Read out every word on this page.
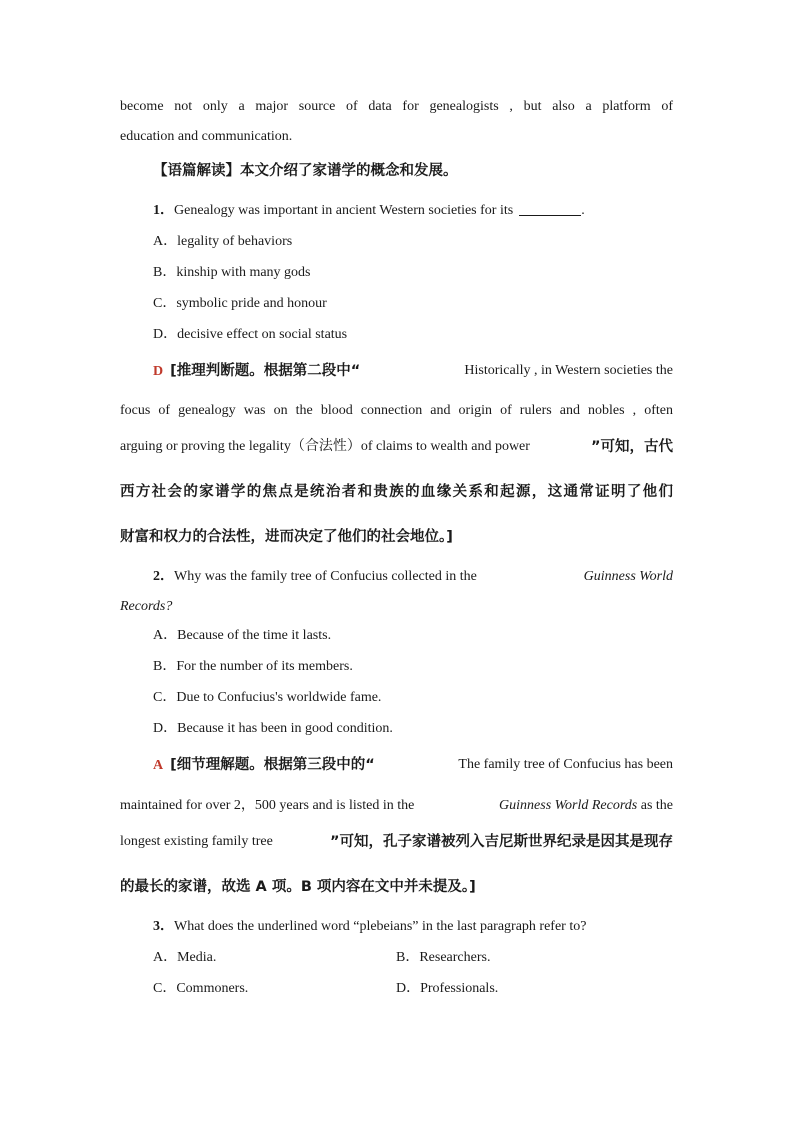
become not only a major source of data for genealogists , but also a platform of
education and communication.
【语篇解读】本文介绍了家谱学的概念和发展。
1．Genealogy was important in ancient Western societies for its	.
A．legality of behaviors
B．kinship with many gods
C．symbolic pride and honour
D．decisive effect on social status
D [推理判断题。根据第二段中“	Historically , in Western societies the
focus of genealogy was on the blood connection and origin of rulers and nobles , often
arguing or proving the legality（合法性）of claims to wealth and power	”可知，古代
西方社会的家谱学的焦点是统治者和贵族的血缘关系和起源，这通常证明了他们
财富和权力的合法性，进而决定了他们的社会地位。]
2．Why was the family tree of Confucius collected in the	Guinness World
Records?
A．Because of the time it lasts.
B．For the number of its members.
C．Due to Confucius's worldwide fame.
D．Because it has been in good condition.
A [细节理解题。根据第三段中的“	The family tree of Confucius has been
maintained for over 2，500 years and is listed in the	Guinness World Records as the
longest existing family tree	”可知，孔子家谱被列入吉尼斯世界纪录是因其是现存
的最长的家谱，故选 A 项。B 项内容在文中并未提及。]
3．What does the underlined word “plebeians” in the last paragraph refer to?
A．Media.	B．Researchers.
C．Commoners.	D．Professionals.
